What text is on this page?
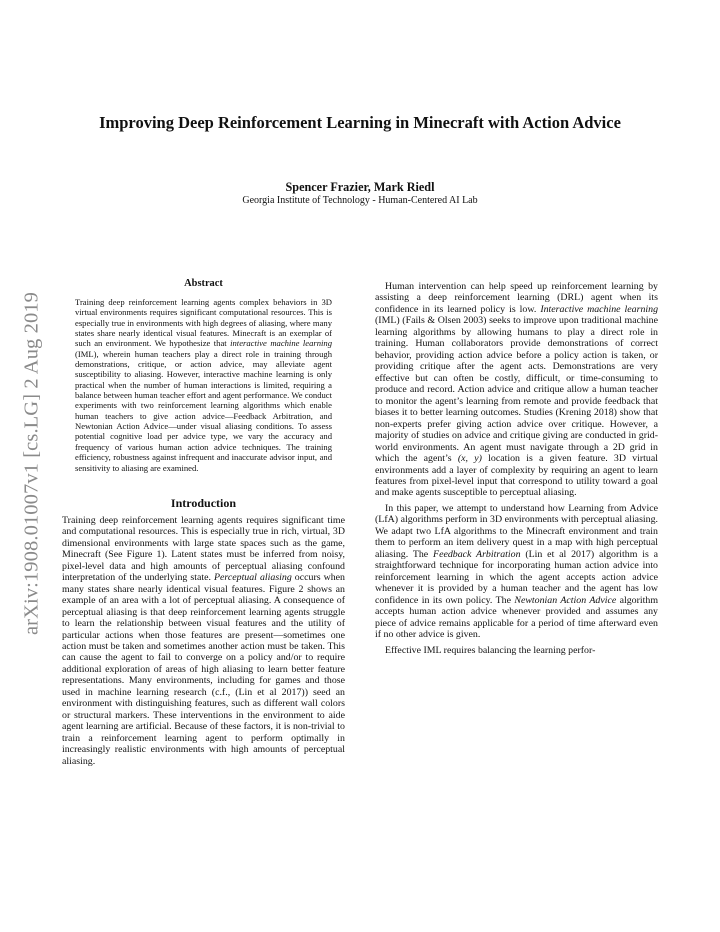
arXiv:1908.01007v1 [cs.LG] 2 Aug 2019
Improving Deep Reinforcement Learning in Minecraft with Action Advice
Spencer Frazier, Mark Riedl
Georgia Institute of Technology - Human-Centered AI Lab
Abstract

Training deep reinforcement learning agents complex behaviors in 3D virtual environments requires significant computational resources. This is especially true in environments with high degrees of aliasing, where many states share nearly identical visual features. Minecraft is an exemplar of such an environment. We hypothesize that interactive machine learning (IML), wherein human teachers play a direct role in training through demonstrations, critique, or action advice, may alleviate agent susceptibility to aliasing. However, interactive machine learning is only practical when the number of human interactions is limited, requiring a balance between human teacher effort and agent performance. We conduct experiments with two reinforcement learning algorithms which enable human teachers to give action advice—Feedback Arbitration, and Newtonian Action Advice—under visual aliasing conditions. To assess potential cognitive load per advice type, we vary the accuracy and frequency of various human action advice techniques. The training efficiency, robustness against infrequent and inaccurate advisor input, and sensitivity to aliasing are examined.

Introduction

Training deep reinforcement learning agents requires significant time and computational resources. This is especially true in rich, virtual, 3D dimensional environments with large state spaces such as the game, Minecraft (See Figure 1). Latent states must be inferred from noisy, pixel-level data and high amounts of perceptual aliasing confound interpretation of the underlying state. Perceptual aliasing occurs when many states share nearly identical visual features. Figure 2 shows an example of an area with a lot of perceptual aliasing. A consequence of perceptual aliasing is that deep reinforcement learning agents struggle to learn the relationship between visual features and the utility of particular actions when those features are present—sometimes one action must be taken and sometimes another action must be taken. This can cause the agent to fail to converge on a policy and/or to require additional exploration of areas of high aliasing to learn better feature representations. Many environments, including for games and those used in machine learning research (c.f., (Lin et al 2017)) seed an environment with distinguishing features, such as different wall colors or structural markers. These interventions in the environment to aide agent learning are artificial. Because of these factors, it is non-trivial to train a reinforcement learning agent to perform optimally in increasingly realistic environments with high amounts of perceptual aliasing.

Human intervention can help speed up reinforcement learning by assisting a deep reinforcement learning (DRL) agent when its confidence in its learned policy is low. Interactive machine learning (IML) (Fails & Olsen 2003) seeks to improve upon traditional machine learning algorithms by allowing humans to play a direct role in training. Human collaborators provide demonstrations of correct behavior, providing action advice before a policy action is taken, or providing critique after the agent acts. Demonstrations are very effective but can often be costly, difficult, or time-consuming to produce and record. Action advice and critique allow a human teacher to monitor the agent’s learning from remote and provide feedback that biases it to better learning outcomes. Studies (Krening 2018) show that non-experts prefer giving action advice over critique. However, a majority of studies on advice and critique giving are conducted in grid-world environments. An agent must navigate through a 2D grid in which the agent’s (x, y) location is a given feature. 3D virtual environments add a layer of complexity by requiring an agent to learn features from pixel-level input that correspond to utility toward a goal and make agents susceptible to perceptual aliasing.

In this paper, we attempt to understand how Learning from Advice (LfA) algorithms perform in 3D environments with perceptual aliasing. We adapt two LfA algorithms to the Minecraft environment and train them to perform an item delivery quest in a map with high perceptual aliasing. The Feedback Arbitration (Lin et al 2017) algorithm is a straightforward technique for incorporating human action advice into reinforcement learning in which the agent accepts action advice whenever it is provided by a human teacher and the agent has low confidence in its own policy. The Newtonian Action Advice algorithm accepts human action advice whenever provided and assumes any piece of advice remains applicable for a period of time afterward even if no other advice is given.

Effective IML requires balancing the learning perfor-
